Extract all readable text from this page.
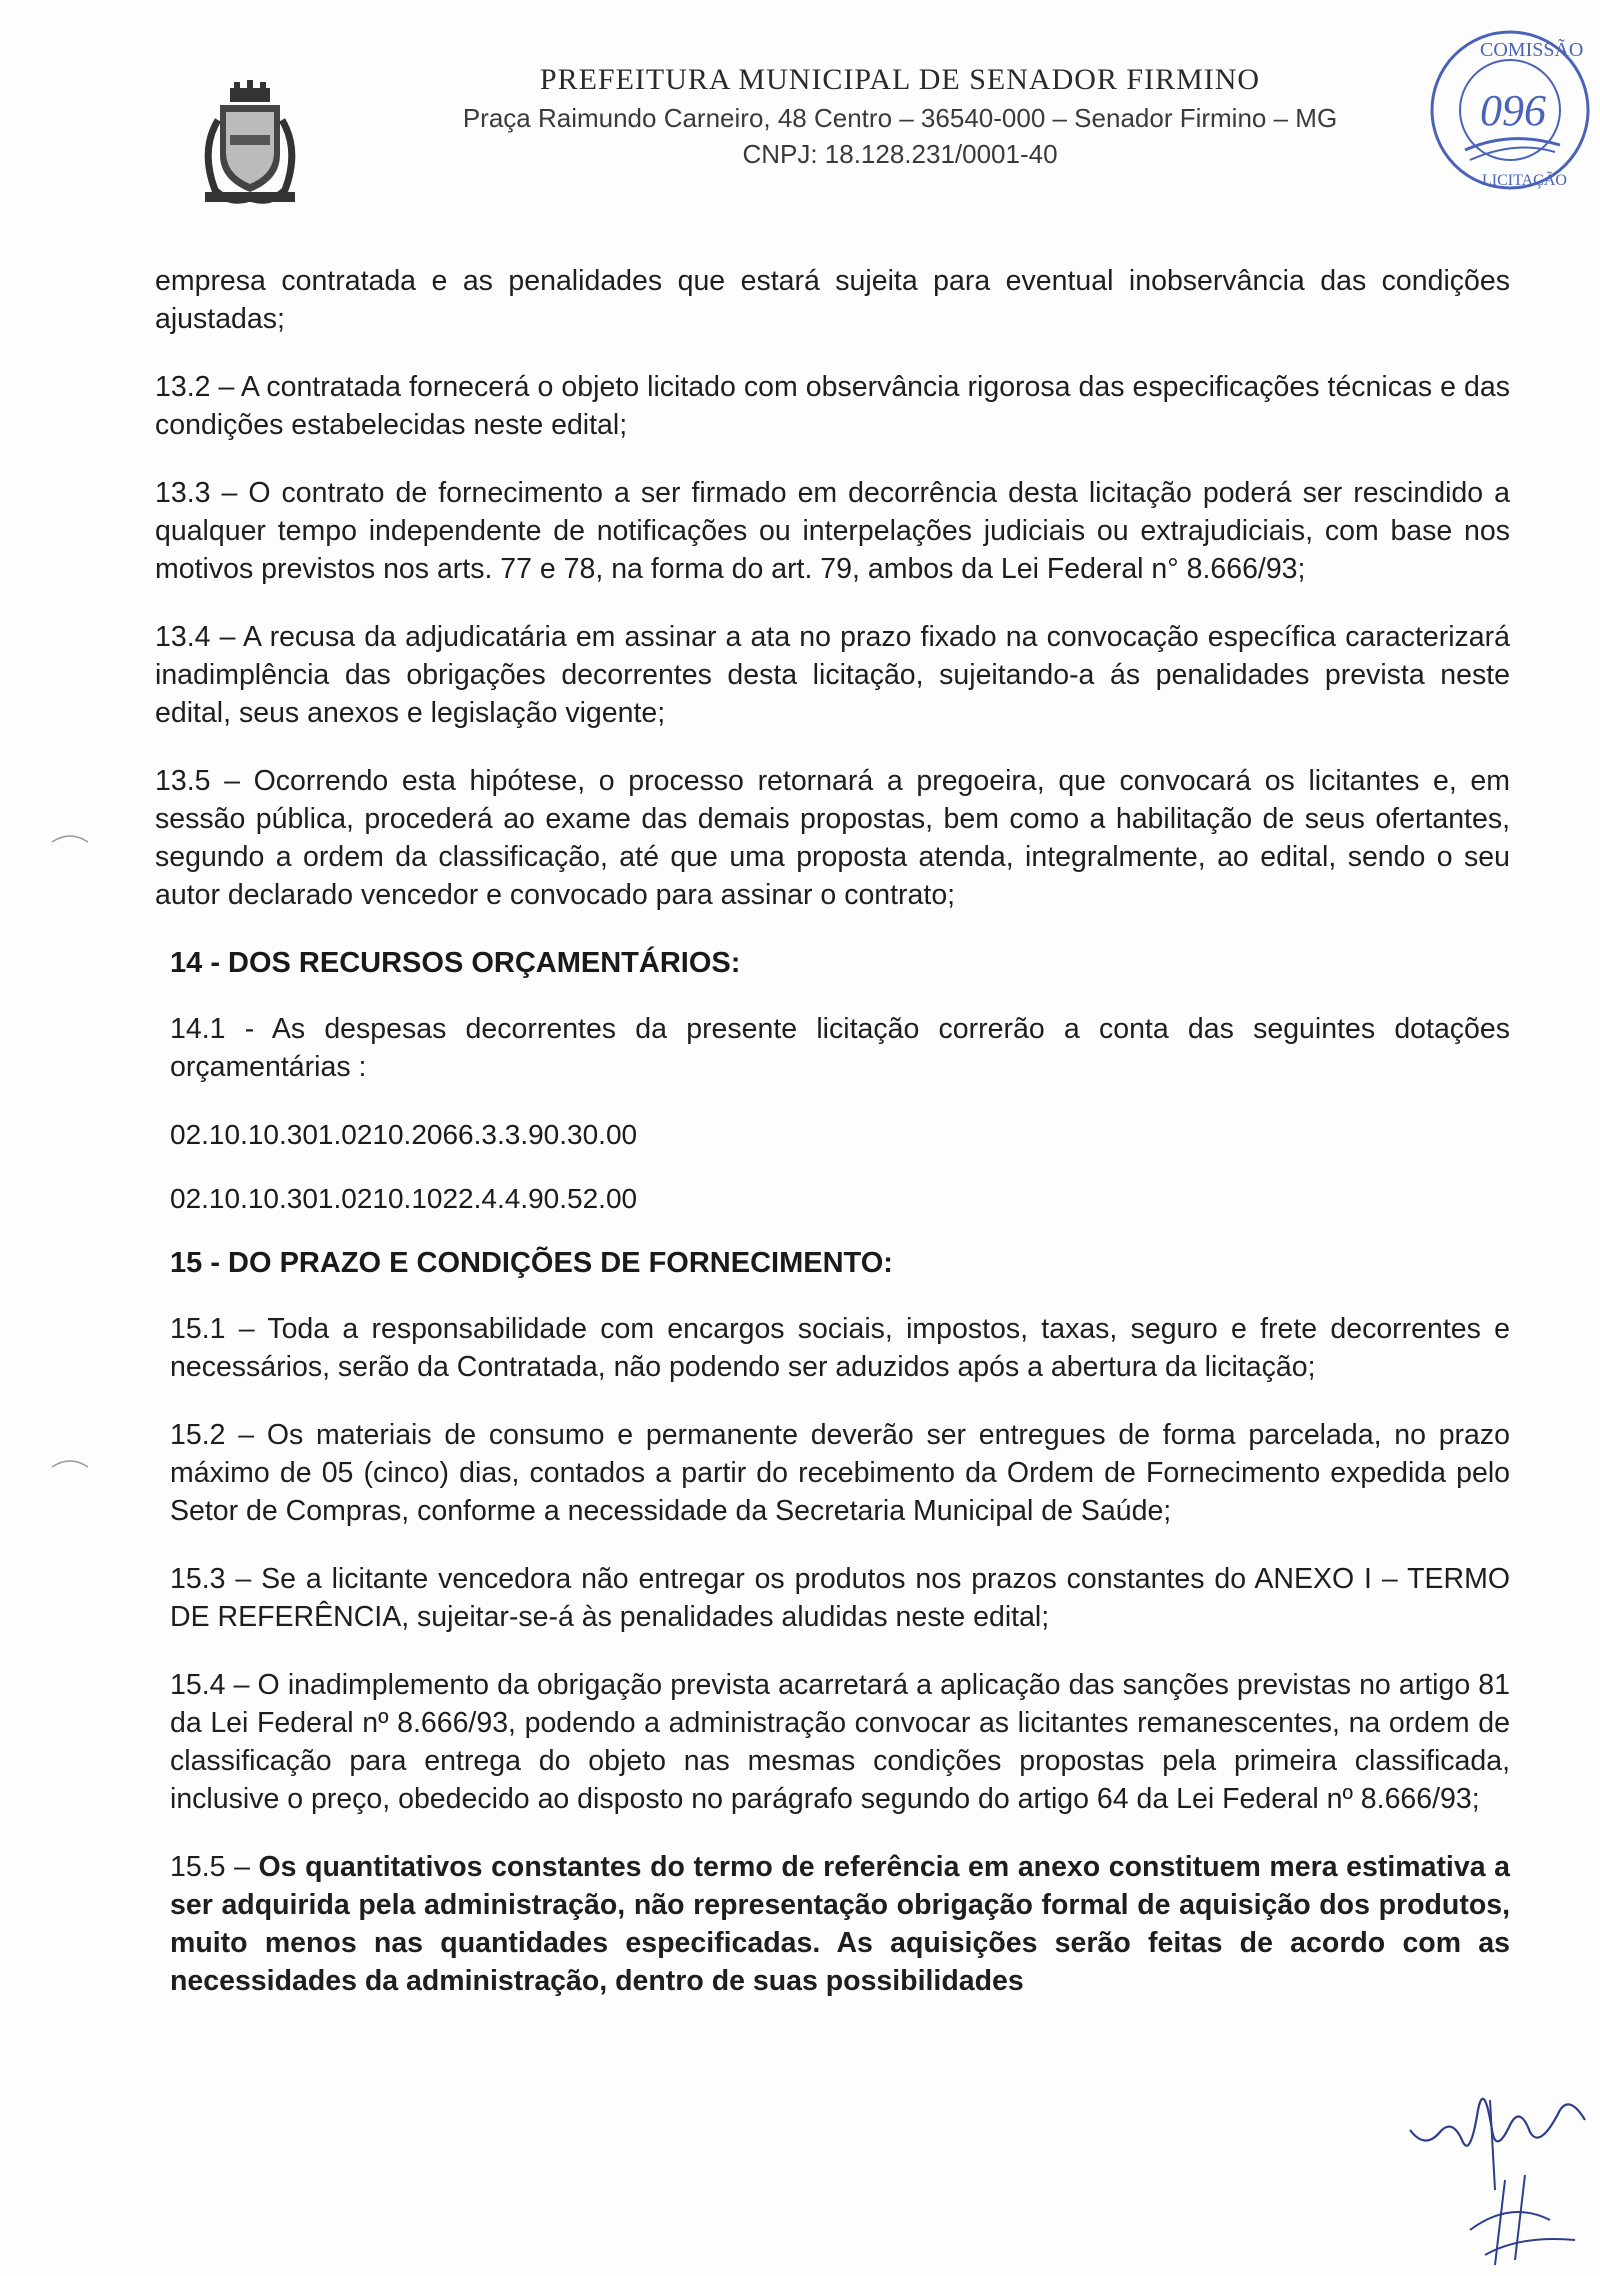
PREFEITURA MUNICIPAL DE SENADOR FIRMINO

Praça Raimundo Carneiro, 48 Centro – 36540-000 – Senador Firmino – MG

CNPJ: 18.128.231/0001-40

COMISSÃO
096
LICITAÇÃO

empresa contratada e as penalidades que estará sujeita para eventual inobservância das condições ajustadas;

13.2 – A contratada fornecerá o objeto licitado com observância rigorosa das especificações técnicas e das condições estabelecidas neste edital;

13.3 – O contrato de fornecimento a ser firmado em decorrência desta licitação poderá ser rescindido a qualquer tempo independente de notificações ou interpelações judiciais ou extrajudiciais, com base nos motivos previstos nos arts. 77 e 78, na forma do art. 79, ambos da Lei Federal n° 8.666/93;

13.4 – A recusa da adjudicatária em assinar a ata no prazo fixado na convocação específica caracterizará inadimplência das obrigações decorrentes desta licitação, sujeitando-a ás penalidades prevista neste edital, seus anexos e legislação vigente;

13.5 – Ocorrendo esta hipótese, o processo retornará a pregoeira, que convocará os licitantes e, em sessão pública, procederá ao exame das demais propostas, bem como a habilitação de seus ofertantes, segundo a ordem da classificação, até que uma proposta atenda, integralmente, ao edital, sendo o seu autor declarado vencedor e convocado para assinar o contrato;

14 - DOS RECURSOS ORÇAMENTÁRIOS:

14.1 - As despesas decorrentes da presente licitação correrão a conta das seguintes dotações orçamentárias :

02.10.10.301.0210.2066.3.3.90.30.00

02.10.10.301.0210.1022.4.4.90.52.00

15 - DO PRAZO E CONDIÇÕES DE FORNECIMENTO:

15.1 – Toda a responsabilidade com encargos sociais, impostos, taxas, seguro e frete decorrentes e necessários, serão da Contratada, não podendo ser aduzidos após a abertura da licitação;

15.2 – Os materiais de consumo e permanente deverão ser entregues de forma parcelada, no prazo máximo de 05 (cinco) dias, contados a partir do recebimento da Ordem de Fornecimento expedida pelo Setor de Compras, conforme a necessidade da Secretaria Municipal de Saúde;

15.3 – Se a licitante vencedora não entregar os produtos nos prazos constantes do ANEXO I – TERMO DE REFERÊNCIA, sujeitar-se-á às penalidades aludidas neste edital;

15.4 – O inadimplemento da obrigação prevista acarretará a aplicação das sanções previstas no artigo 81 da Lei Federal nº 8.666/93, podendo a administração convocar as licitantes remanescentes, na ordem de classificação para entrega do objeto nas mesmas condições propostas pela primeira classificada, inclusive o preço, obedecido ao disposto no parágrafo segundo do artigo 64 da Lei Federal nº 8.666/93;

15.5 – Os quantitativos constantes do termo de referência em anexo constituem mera estimativa a ser adquirida pela administração, não representação obrigação formal de aquisição dos produtos, muito menos nas quantidades especificadas. As aquisições serão feitas de acordo com as necessidades da administração, dentro de suas possibilidades
